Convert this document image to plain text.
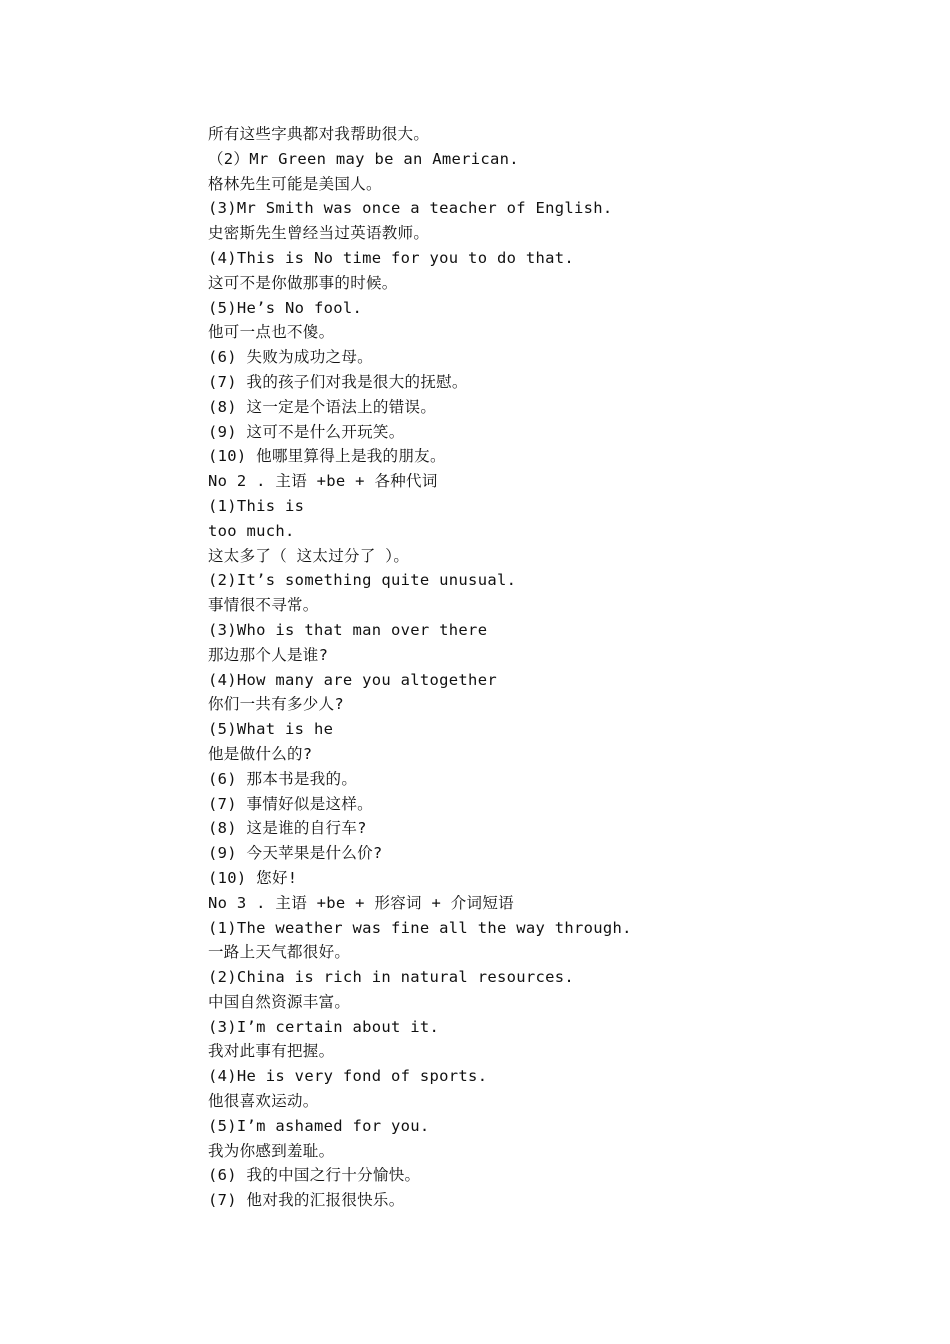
所有这些字典都对我帮助很大。
（2）Mr Green may be an American.
格林先生可能是美国人。
(3)Mr Smith was once a teacher of English.
史密斯先生曾经当过英语教师。
(4)This is No time for you to do that.
这可不是你做那事的时候。
(5)He’s No fool.
他可一点也不傻。
(6) 失败为成功之母。
(7) 我的孩子们对我是很大的抚慰。
(8) 这一定是个语法上的错误。
(9) 这可不是什么开玩笑。
(10) 他哪里算得上是我的朋友。
No 2 . 主语 +be + 各种代词
(1)This is
too much.
这太多了（ 这太过分了 ）。
(2)It’s something quite unusual.
事情很不寻常。
(3)Who is that man over there
那边那个人是谁?
(4)How many are you altogether
你们一共有多少人?
(5)What is he
他是做什么的?
(6) 那本书是我的。
(7) 事情好似是这样。
(8) 这是谁的自行车?
(9) 今天苹果是什么价?
(10) 您好!
No 3 . 主语 +be + 形容词 + 介词短语
(1)The weather was fine all the way through.
一路上天气都很好。
(2)China is rich in natural resources.
中国自然资源丰富。
(3)I’m certain about it.
我对此事有把握。
(4)He is very fond of sports.
他很喜欢运动。
(5)I’m ashamed for you.
我为你感到羞耻。
(6) 我的中国之行十分愉快。
(7) 他对我的汇报很快乐。
